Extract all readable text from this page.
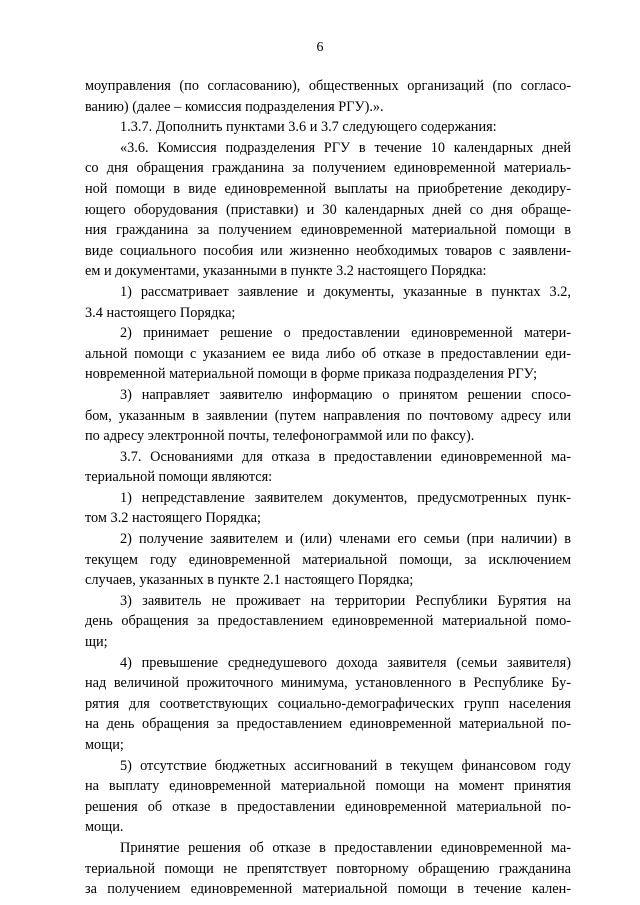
6
моуправления (по согласованию), общественных организаций (по согласо-
ванию) (далее – комиссия подразделения РГУ).».
1.3.7. Дополнить пунктами 3.6 и 3.7 следующего содержания:
«3.6. Комиссия подразделения РГУ в течение 10 календарных дней
со дня обращения гражданина за получением единовременной материаль-
ной помощи в виде единовременной выплаты на приобретение декодиру-
ющего оборудования (приставки) и 30 календарных дней со дня обраще-
ния гражданина за получением единовременной материальной помощи в
виде социального пособия или жизненно необходимых товаров с заявлени-
ем и документами, указанными в пункте 3.2 настоящего Порядка:
1) рассматривает заявление и документы, указанные в пунктах 3.2,
3.4 настоящего Порядка;
2) принимает решение о предоставлении единовременной матери-
альной помощи с указанием ее вида либо об отказе в предоставлении еди-
новременной материальной помощи в форме приказа подразделения РГУ;
3) направляет заявителю информацию о принятом решении спосо-
бом, указанным в заявлении (путем направления по почтовому адресу или
по адресу электронной почты, телефонограммой или по факсу).
3.7. Основаниями для отказа в предоставлении единовременной ма-
териальной помощи являются:
1) непредставление заявителем документов, предусмотренных пунк-
том 3.2 настоящего Порядка;
2) получение заявителем и (или) членами его семьи (при наличии) в
текущем году единовременной материальной помощи, за исключением
случаев, указанных в пункте 2.1 настоящего Порядка;
3) заявитель не проживает на территории Республики Бурятия на
день обращения за предоставлением единовременной материальной помо-
щи;
4) превышение среднедушевого дохода заявителя (семьи заявителя)
над величиной прожиточного минимума, установленного в Республике Бу-
рятия для соответствующих социально-демографических групп населения
на день обращения за предоставлением единовременной материальной по-
мощи;
5) отсутствие бюджетных ассигнований в текущем финансовом году
на выплату единовременной материальной помощи на момент принятия
решения об отказе в предоставлении единовременной материальной по-
мощи.
Принятие решения об отказе в предоставлении единовременной ма-
териальной помощи не препятствует повторному обращению гражданина
за получением единовременной материальной помощи в течение кален-
